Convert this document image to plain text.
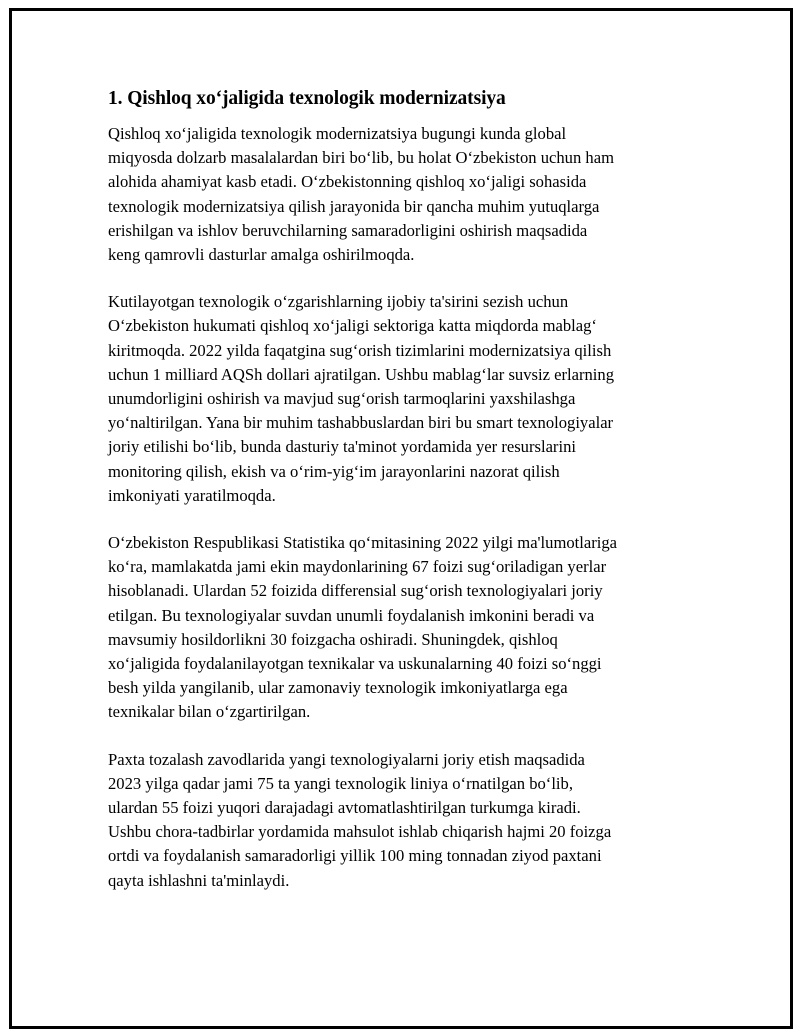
1. Qishloq xo‘jaligida texnologik modernizatsiya

Qishloq xo‘jaligida texnologik modernizatsiya bugungi kunda global
miqyosda dolzarb masalalardan biri bo‘lib, bu holat O‘zbekiston uchun ham
alohida ahamiyat kasb etadi. O‘zbekistonning qishloq xo‘jaligi sohasida
texnologik modernizatsiya qilish jarayonida bir qancha muhim yutuqlarga
erishilgan va ishlov beruvchilarning samaradorligini oshirish maqsadida
keng qamrovli dasturlar amalga oshirilmoqda.

Kutilayotgan texnologik o‘zgarishlarning ijobiy ta'sirini sezish uchun
O‘zbekiston hukumati qishloq xo‘jaligi sektoriga katta miqdorda mablag‘
kiritmoqda. 2022 yilda faqatgina sug‘orish tizimlarini modernizatsiya qilish
uchun 1 milliard AQSh dollari ajratilgan. Ushbu mablag‘lar suvsiz erlarning
unumdorligini oshirish va mavjud sug‘orish tarmoqlarini yaxshilashga
yo‘naltirilgan. Yana bir muhim tashabbuslardan biri bu smart texnologiyalar
joriy etilishi bo‘lib, bunda dasturiy ta'minot yordamida yer resurslarini
monitoring qilish, ekish va o‘rim-yig‘im jarayonlarini nazorat qilish
imkoniyati yaratilmoqda.

O‘zbekiston Respublikasi Statistika qo‘mitasining 2022 yilgi ma'lumotlariga
ko‘ra, mamlakatda jami ekin maydonlarining 67 foizi sug‘oriladigan yerlar
hisoblanadi. Ulardan 52 foizida differensial sug‘orish texnologiyalari joriy
etilgan. Bu texnologiyalar suvdan unumli foydalanish imkonini beradi va
mavsumiy hosildorlikni 30 foizgacha oshiradi. Shuningdek, qishloq
xo‘jaligida foydalanilayotgan texnikalar va uskunalarning 40 foizi so‘nggi
besh yilda yangilanib, ular zamonaviy texnologik imkoniyatlarga ega
texnikalar bilan o‘zgartirilgan.

Paxta tozalash zavodlarida yangi texnologiyalarni joriy etish maqsadida
2023 yilga qadar jami 75 ta yangi texnologik liniya o‘rnatilgan bo‘lib,
ulardan 55 foizi yuqori darajadagi avtomatlashtirilgan turkumga kiradi.
Ushbu chora-tadbirlar yordamida mahsulot ishlab chiqarish hajmi 20 foizga
ortdi va foydalanish samaradorligi yillik 100 ming tonnadan ziyod paxtani
qayta ishlashni ta'minlaydi.
